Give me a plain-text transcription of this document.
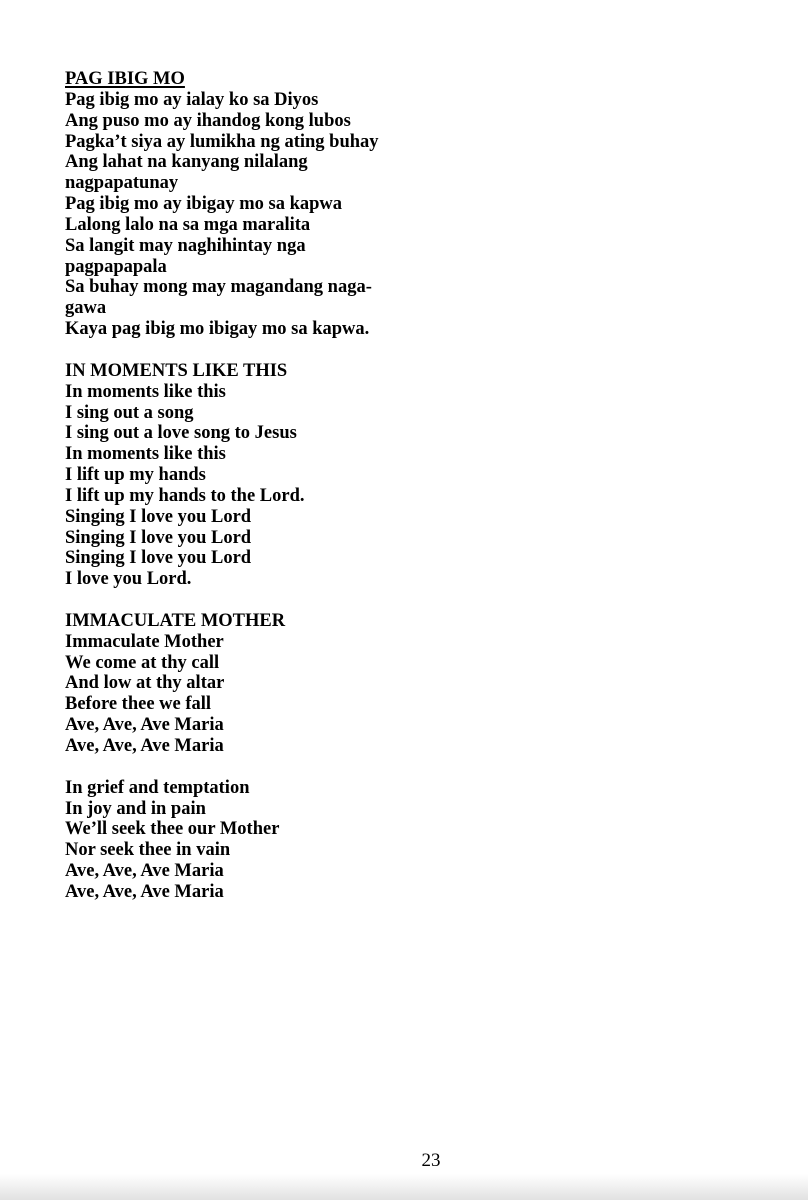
PAG IBIG MO
Pag ibig mo ay ialay ko sa Diyos
Ang puso mo ay ihandog kong lubos
Pagka’t siya ay lumikha ng ating buhay
Ang lahat na kanyang nilalang
nagpapatunay
Pag ibig mo ay ibigay mo sa kapwa
Lalong lalo na sa mga maralita
Sa langit may naghihintay nga
pagpapapala
Sa buhay mong may magandang naga-
gawa
Kaya pag ibig mo ibigay mo sa kapwa.
IN MOMENTS LIKE THIS
In moments like this
I sing out a song
I sing out a love song to Jesus
In moments like this
I lift up my hands
I lift up my hands to the Lord.
Singing I love you Lord
Singing I love you Lord
Singing I love you Lord
I love you Lord.
IMMACULATE MOTHER
Immaculate Mother
We come at thy call
And low at thy altar
Before thee we fall
Ave, Ave, Ave Maria
Ave, Ave, Ave Maria
In grief and temptation
In joy and in pain
We’ll seek thee our Mother
Nor seek thee in vain
Ave, Ave, Ave Maria
Ave, Ave, Ave Maria
23
